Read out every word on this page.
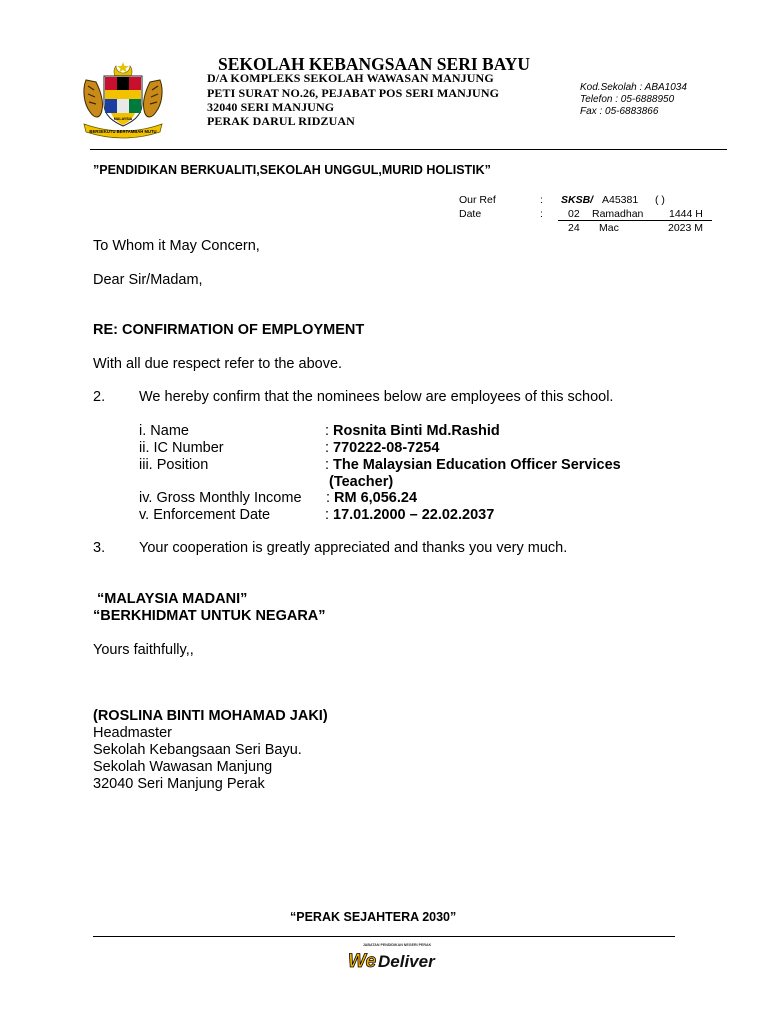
BERSEKUTU BERTAMBAH MUTU
MALAYSIA
SEKOLAH KEBANGSAAN SERI BAYU
D/A KOMPLEKS SEKOLAH WAWASAN MANJUNG
PETI SURAT NO.26, PEJABAT POS SERI MANJUNG
32040 SERI MANJUNG
PERAK DARUL RIDZUAN
Kod.Sekolah : ABA1034
Telefon : 05-6888950
Fax : 05-6883866
”PENDIDIKAN BERKUALITI,SEKOLAH UNGGUL,MURID HOLISTIK”
Our Ref	: SKSB/ A45381 ( )
Date	: 02 Ramadhan 1444 H
24 Mac	2023 M
To Whom it May Concern,
Dear Sir/Madam,
RE: CONFIRMATION OF EMPLOYMENT
With all due respect refer to the above.
2. We hereby confirm that the nominees below are employees of this school.
i. Name	: Rosnita Binti Md.Rashid
ii. IC Number	: 770222-08-7254
iii. Position	: The Malaysian Education Officer Services
(Teacher)
iv. Gross Monthly Income : RM 6,056.24
v. Enforcement Date	: 17.01.2000 – 22.02.2037
3. Your cooperation is greatly appreciated and thanks you very much.
“MALAYSIA MADANI”
“BERKHIDMAT UNTUK NEGARA”
Yours faithfully,,
(ROSLINA BINTI MOHAMAD JAKI)
Headmaster
Sekolah Kebangsaan Seri Bayu.
Sekolah Wawasan Manjung
32040 Seri Manjung Perak
“PERAK SEJAHTERA 2030”
JABATAN PENDIDIKAN NEGERI PERAK
We Deliver
